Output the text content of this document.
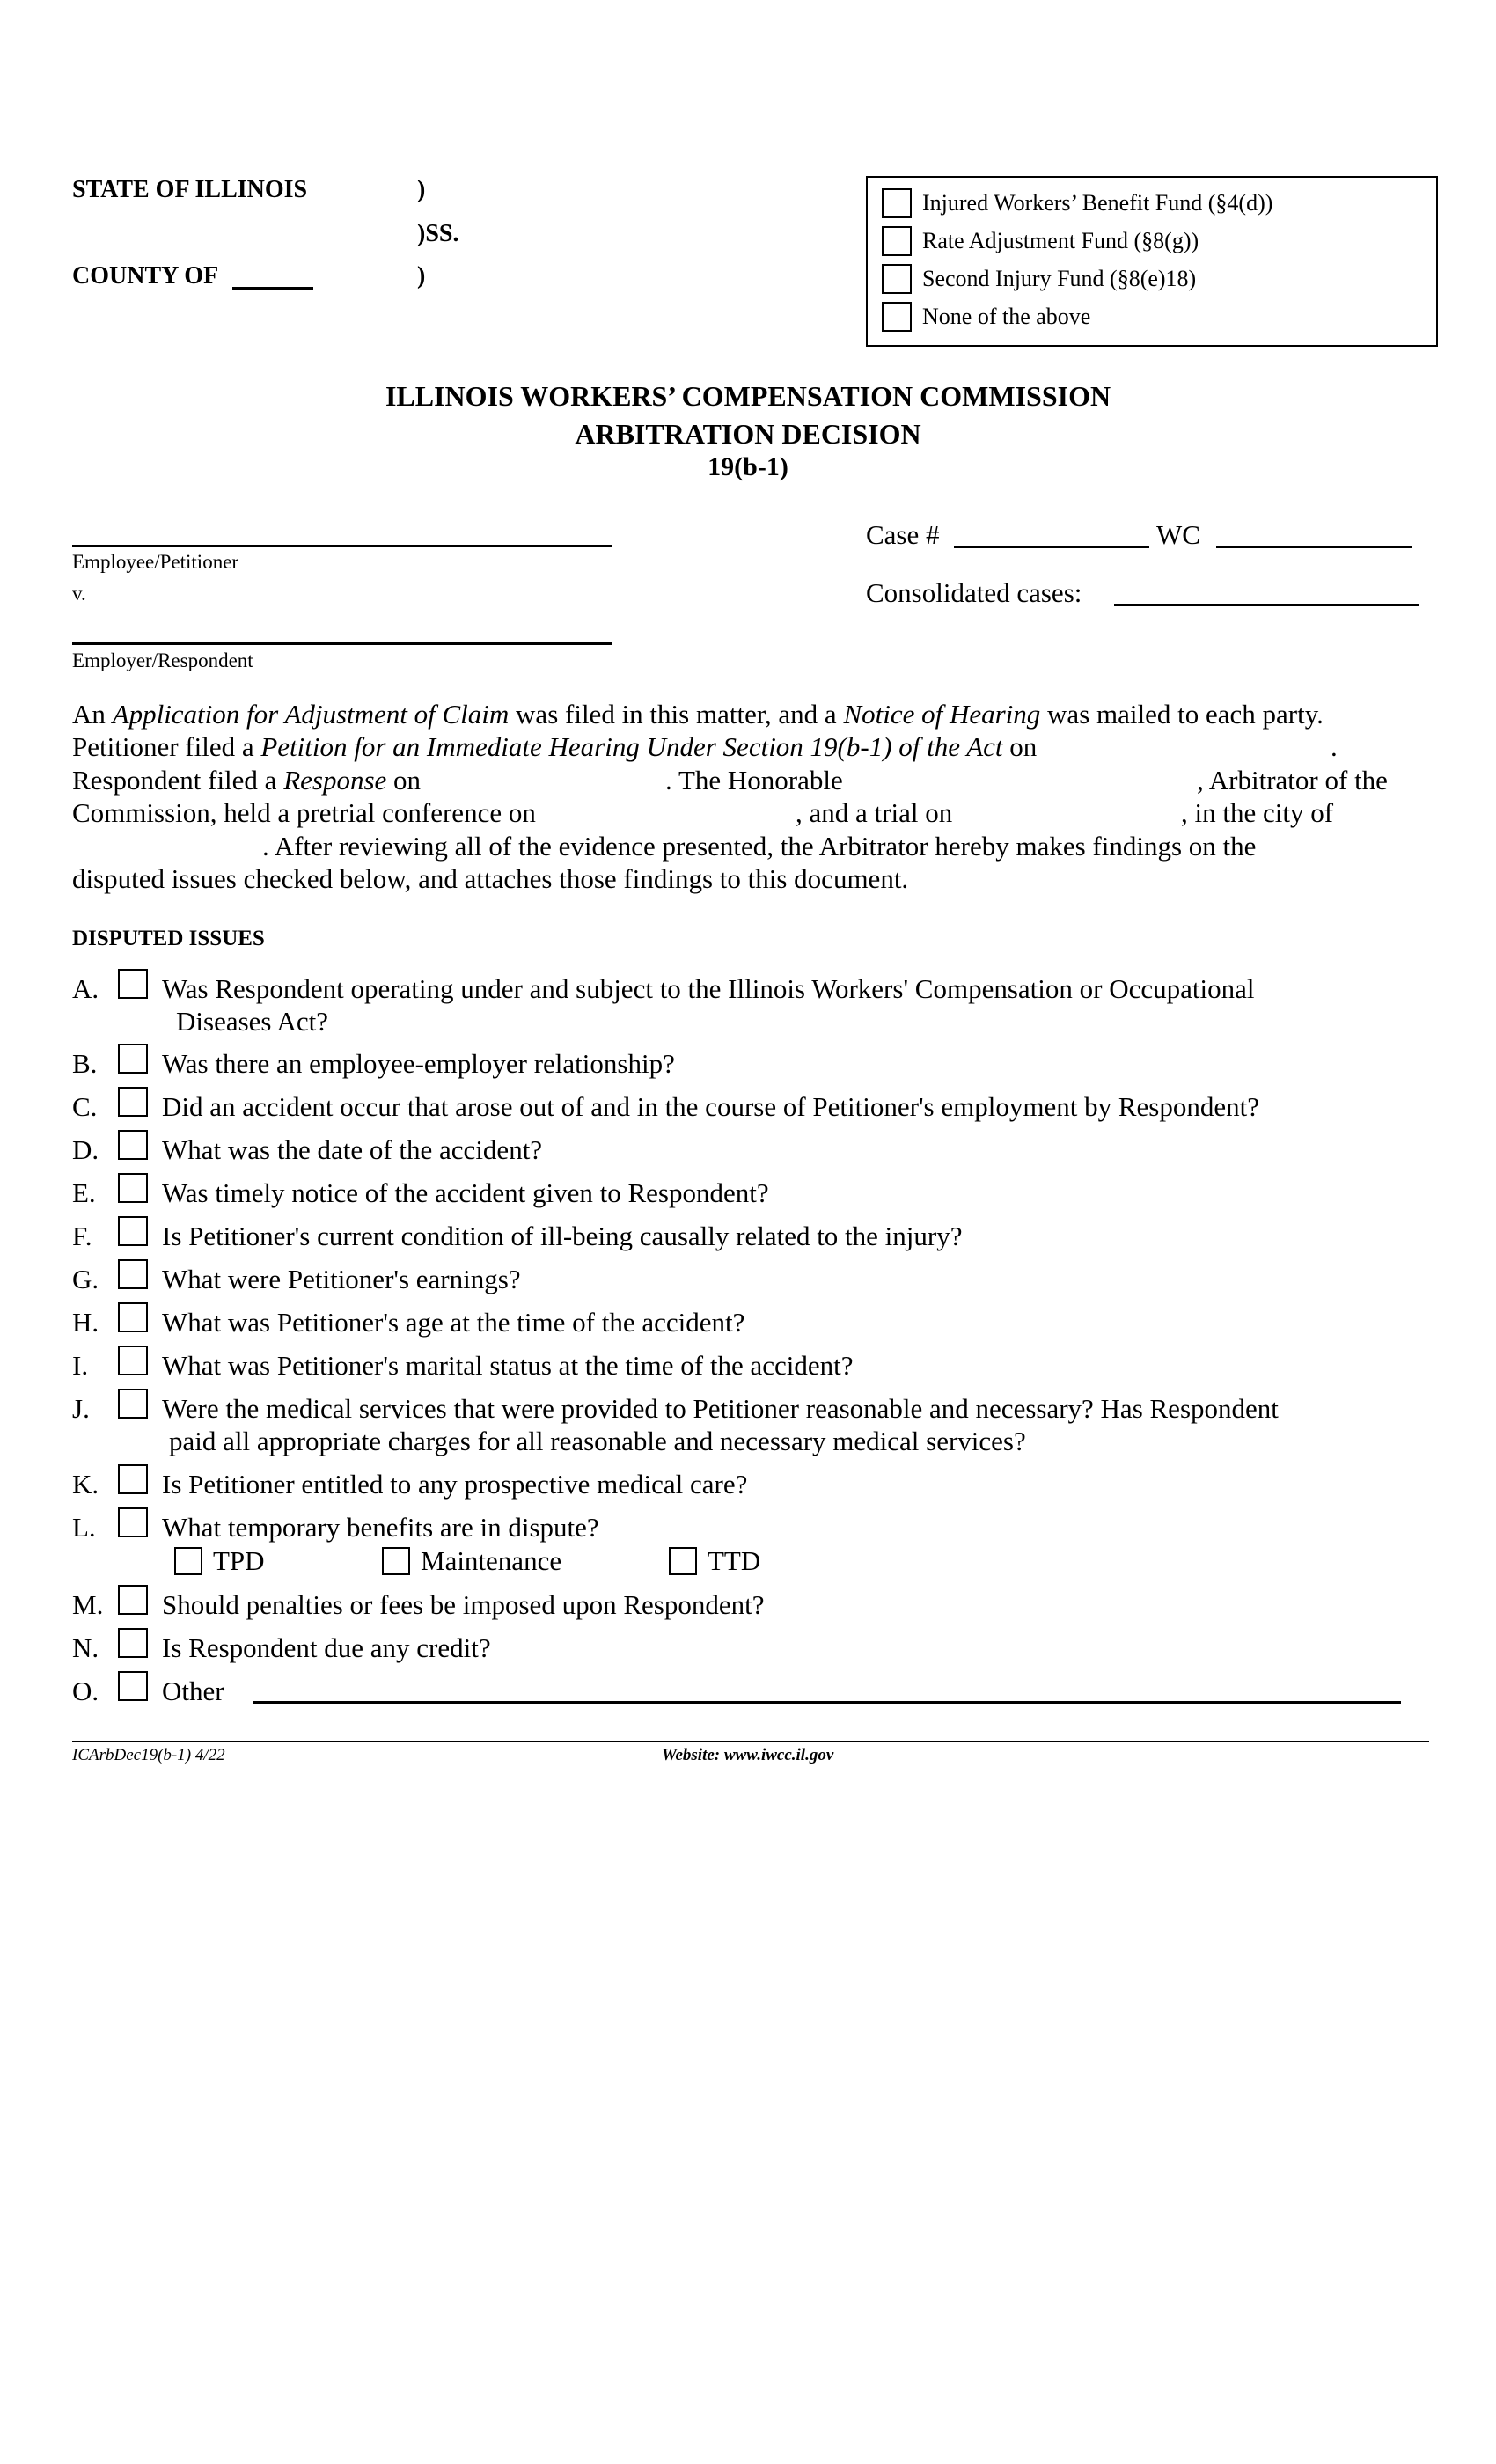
STATE OF ILLINOIS	)
)SS.
COUNTY OF	)
Injured Workers’ Benefit Fund (§4(d))
Rate Adjustment Fund (§8(g))
Second Injury Fund (§8(e)18)
None of the above
ILLINOIS WORKERS’ COMPENSATION COMMISSION
ARBITRATION DECISION
19(b-1)
Employee/Petitioner
v.
Employer/Respondent
Case #	WC
Consolidated cases:
An Application for Adjustment of Claim was filed in this matter, and a Notice of Hearing was mailed to each party.
Petitioner filed a Petition for an Immediate Hearing Under Section 19(b-1) of the Act on	.
Respondent filed a Response on	. The Honorable	, Arbitrator of the
Commission, held a pretrial conference on	, and a trial on	, in the city of
. After reviewing all of the evidence presented, the Arbitrator hereby makes findings on the
disputed issues checked below, and attaches those findings to this document.
DISPUTED ISSUES
A. Was Respondent operating under and subject to the Illinois Workers' Compensation or Occupational
Diseases Act?
B. Was there an employee-employer relationship?
C. Did an accident occur that arose out of and in the course of Petitioner's employment by Respondent?
D. What was the date of the accident?
E. Was timely notice of the accident given to Respondent?
F.	Is Petitioner's current condition of ill-being causally related to the injury?
G. What were Petitioner's earnings?
H. What was Petitioner's age at the time of the accident?
I.	What was Petitioner's marital status at the time of the accident?
J.	Were the medical services that were provided to Petitioner reasonable and necessary? Has Respondent
paid all appropriate charges for all reasonable and necessary medical services?
K. Is Petitioner entitled to any prospective medical care?
L. What temporary benefits are in dispute?
TPD	Maintenance	TTD
M. Should penalties or fees be imposed upon Respondent?
N. Is Respondent due any credit?
O. Other
ICArbDec19(b-1) 4/22	Website: www.iwcc.il.gov
